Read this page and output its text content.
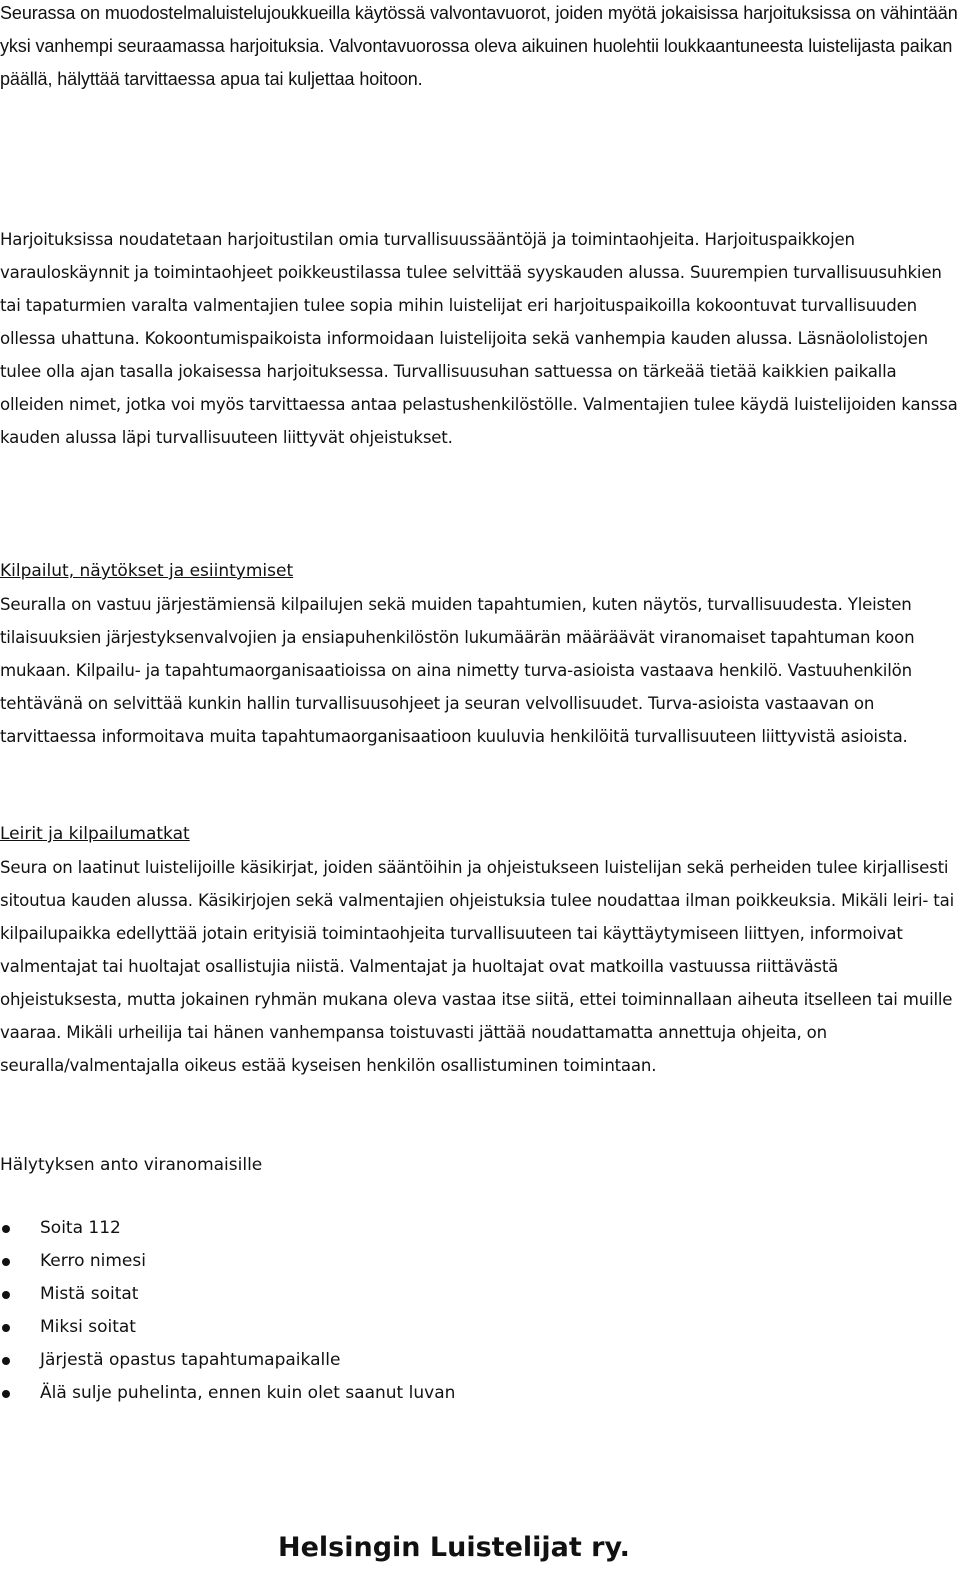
Seurassa on muodostelmaluistelujoukkueilla käytössä valvontavuorot, joiden myötä jokaisissa harjoituksissa on vähintään yksi vanhempi seuraamassa harjoituksia. Valvontavuorossa oleva aikuinen huolehtii loukkaantuneesta luistelijasta paikan päällä, hälyttää tarvittaessa apua tai kuljettaa hoitoon.

Harjoituksissa noudatetaan harjoitustilan omia turvallisuussääntöjä ja toimintaohjeita. Harjoituspaikkojen varauloskäynnit ja toimintaohjeet poikkeustilassa tulee selvittää syyskauden alussa. Suurempien turvallisuusuhkien tai tapaturmien varalta valmentajien tulee sopia mihin luistelijat eri harjoituspaikoilla kokoontuvat turvallisuuden ollessa uhattuna. Kokoontumispaikoista informoidaan luistelijoita sekä vanhempia kauden alussa. Läsnäololistojen tulee olla ajan tasalla jokaisessa harjoituksessa. Turvallisuusuhan sattuessa on tärkeää tietää kaikkien paikalla olleiden nimet, jotka voi myös tarvittaessa antaa pelastushenkilöstölle. Valmentajien tulee käydä luistelijoiden kanssa kauden alussa läpi turvallisuuteen liittyvät ohjeistukset.

Kilpailut, näytökset ja esiintymiset

Seuralla on vastuu järjestämiensä kilpailujen sekä muiden tapahtumien, kuten näytös, turvallisuudesta. Yleisten tilaisuuksien järjestyksenvalvojien ja ensiapuhenkilöstön lukumäärän määräävät viranomaiset tapahtuman koon mukaan. Kilpailu- ja tapahtumaorganisaatioissa on aina nimetty turva-asioista vastaava henkilö. Vastuuhenkilön tehtävänä on selvittää kunkin hallin turvallisuusohjeet ja seuran velvollisuudet. Turva-asioista vastaavan on tarvittaessa informoitava muita tapahtumaorganisaatioon kuuluvia henkilöitä turvallisuuteen liittyvistä asioista.

Leirit ja kilpailumatkat

Seura on laatinut luistelijoille käsikirjat, joiden sääntöihin ja ohjeistukseen luistelijan sekä perheiden tulee kirjallisesti sitoutua kauden alussa. Käsikirjojen sekä valmentajien ohjeistuksia tulee noudattaa ilman poikkeuksia. Mikäli leiri- tai kilpailupaikka edellyttää jotain erityisiä toimintaohjeita turvallisuuteen tai käyttäytymiseen liittyen, informoivat valmentajat tai huoltajat osallistujia niistä. Valmentajat ja huoltajat ovat matkoilla vastuussa riittävästä ohjeistuksesta, mutta jokainen ryhmän mukana oleva vastaa itse siitä, ettei toiminnallaan aiheuta itselleen tai muille vaaraa. Mikäli urheilija tai hänen vanhempansa toistuvasti jättää noudattamatta annettuja ohjeita, on seuralla/valmentajalla oikeus estää kyseisen henkilön osallistuminen toimintaan.

Hälytyksen anto viranomaisille

Soita 112
Kerro nimesi
Mistä soitat
Miksi soitat
Järjestä opastus tapahtumapaikalle
Älä sulje puhelinta, ennen kuin olet saanut luvan

Helsingin Luistelijat ry.
